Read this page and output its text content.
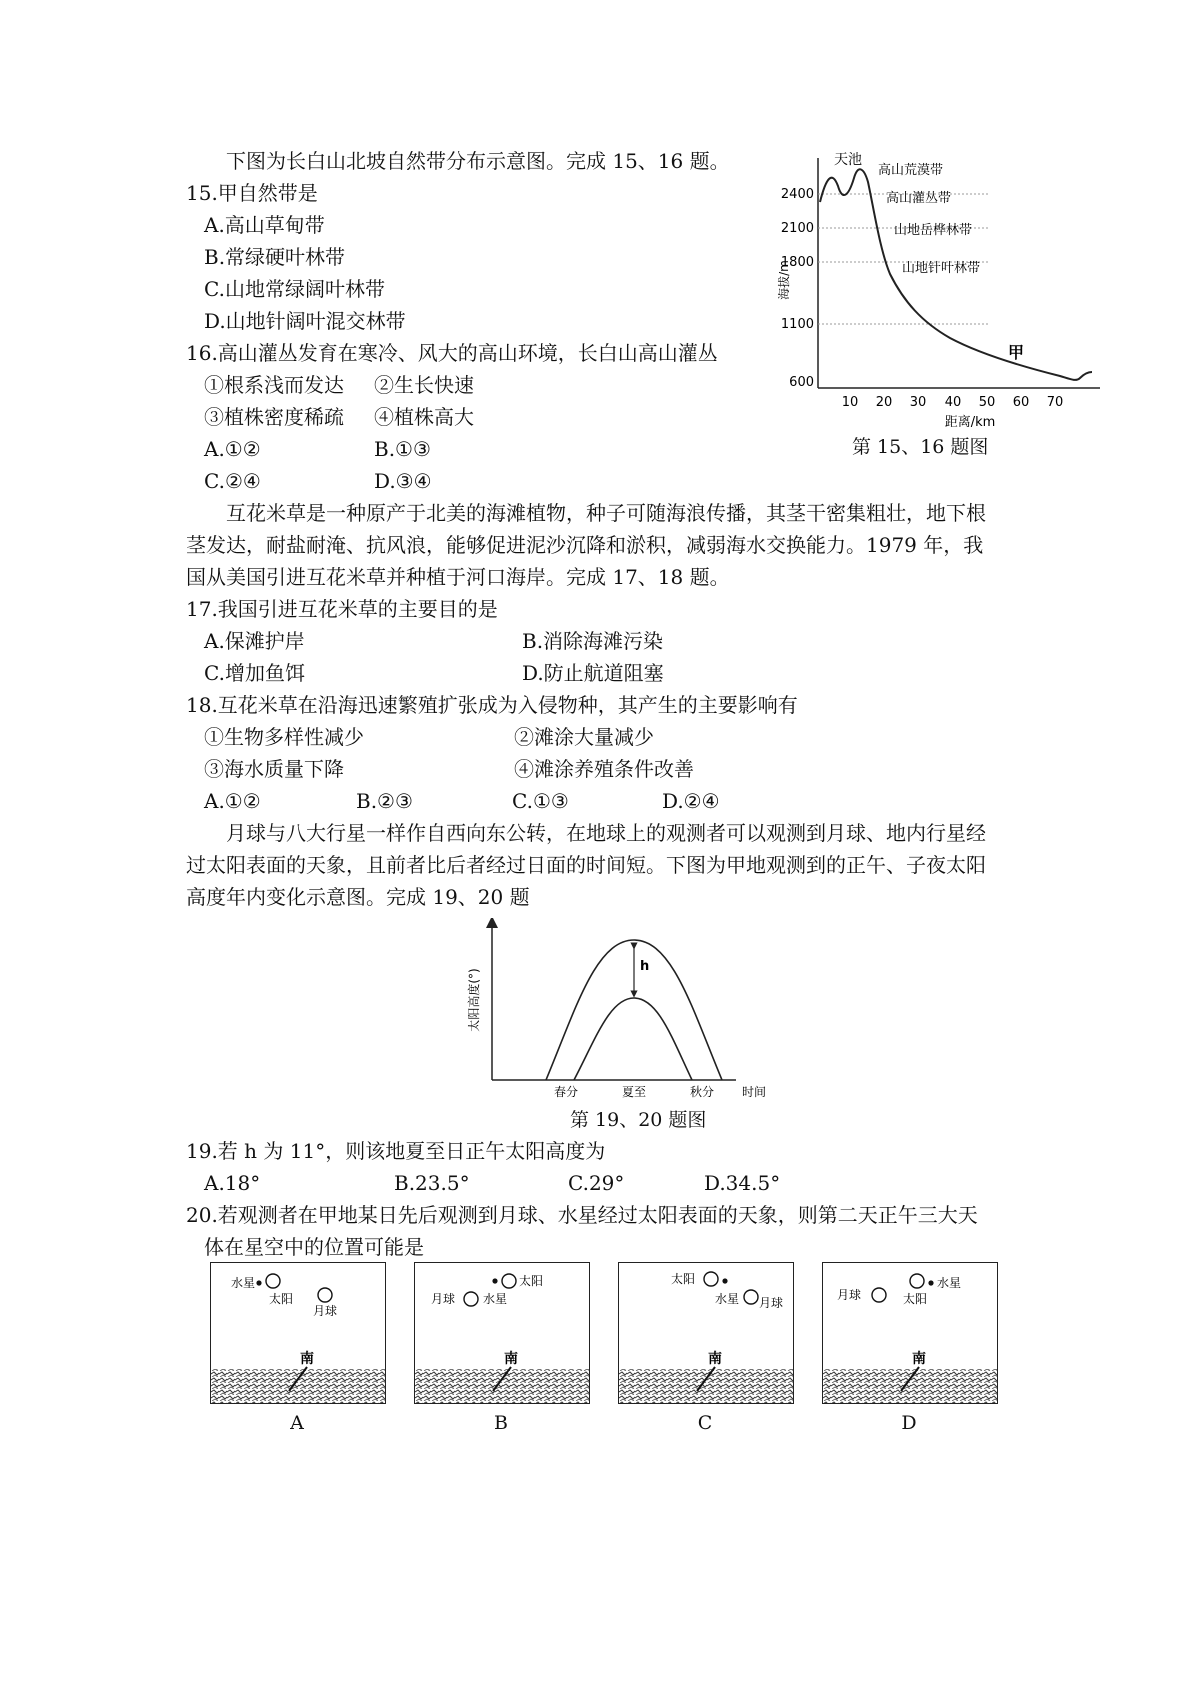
下图为长白山北坡自然带分布示意图。完成 15、16 题。
15.甲自然带是
A.高山草甸带
B.常绿硬叶林带
C.山地常绿阔叶林带
D.山地针阔叶混交林带
16.高山灌丛发育在寒冷、风大的高山环境，长白山高山灌丛
①根系浅而发达 ②生长快速
③植株密度稀疏 ④植株高大
A.①②	B.①③
C.②④	D.③④
2400
2100
1800
1100
600
海拔/m
10 20 30 40 50 60 70
距离/km
天池
高山荒漠带
高山灌丛带
山地岳桦林带
山地针叶林带
甲
第 15、16 题图
互花米草是一种原产于北美的海滩植物，种子可随海浪传播，其茎干密集粗壮，地下根
茎发达，耐盐耐淹、抗风浪，能够促进泥沙沉降和淤积，减弱海水交换能力。1979 年，我
国从美国引进互花米草并种植于河口海岸。完成 17、18 题。
17.我国引进互花米草的主要目的是
A.保滩护岸	B.消除海滩污染
C.增加鱼饵	D.防止航道阻塞
18.互花米草在沿海迅速繁殖扩张成为入侵物种，其产生的主要影响有
①生物多样性减少	②滩涂大量减少
③海水质量下降	④滩涂养殖条件改善
A.①②	B.②③	C.①③	D.②④
月球与八大行星一样作自西向东公转，在地球上的观测者可以观测到月球、地内行星经
过太阳表面的天象，且前者比后者经过日面的时间短。下图为甲地观测到的正午、子夜太阳
高度年内变化示意图。完成 19、20 题
太阳高度(°)
h
春分	夏至	秋分 时间
第 19、20 题图
19.若 h 为 11°，则该地夏至日正午太阳高度为
A.18°	B.23.5°	C.29°	D.34.5°
20.若观测者在甲地某日先后观测到月球、水星经过太阳表面的天象，则第二天正午三大天
体在星空中的位置可能是
南
水星
太阳
月球
A
南
太阳
月球 水星
B
南
太阳
水星 月球
C
南
月球	太阳
水星
D
